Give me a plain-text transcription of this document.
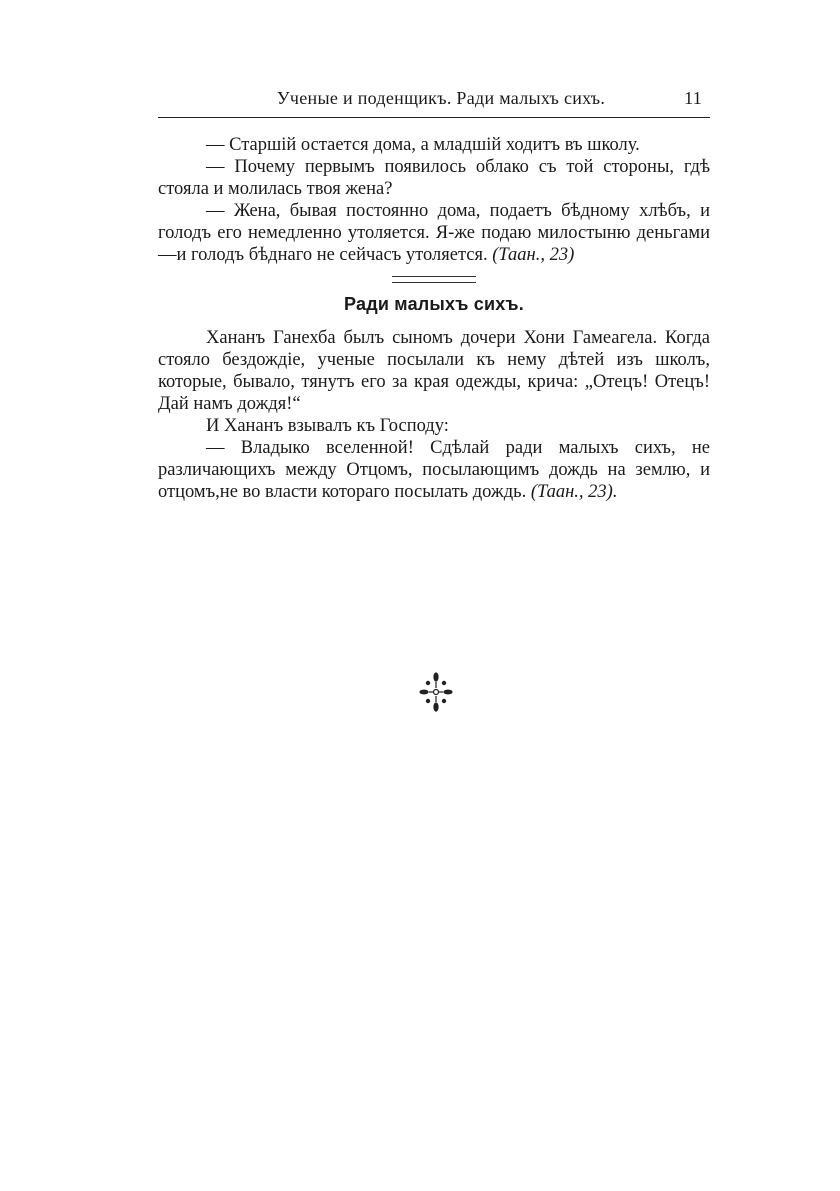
Ученые и поденщикъ. Ради малыхъ сихъ.	11

— Старшій остается дома, а младшій ходитъ въ школу.

— Почему первымъ появилось облако съ той стороны, гдѣ стояла и молилась твоя жена?

— Жена, бывая постоянно дома, подаетъ бѣдному хлѣбъ, и голодъ его немедленно утоляется. Я-же подаю милостыню деньгами—и голодъ бѣднаго не сейчасъ утоляется. (Таан., 23)

Ради малыхъ сихъ.

Хананъ Ганехба былъ сыномъ дочери Хони Гамеагела. Когда стояло бездождіе, ученые посылали къ нему дѣтей изъ школъ, которые, бывало, тянутъ его за края одежды, крича: „Отецъ! Отецъ! Дай намъ дождя!“

И Хананъ взывалъ къ Господу:

— Владыко вселенной! Сдѣлай ради малыхъ сихъ, не различающихъ между Отцомъ, посылающимъ дождь на землю, и отцомъ,не во власти котораго посылать дождь. (Таан., 23).
